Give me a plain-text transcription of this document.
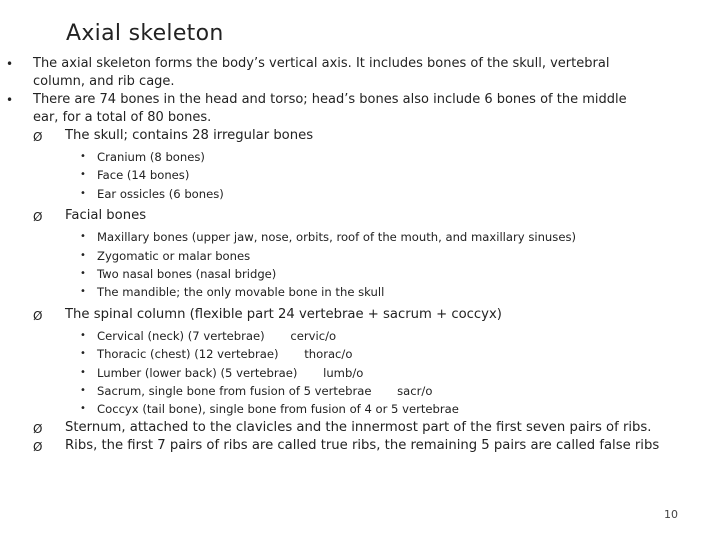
Axial skeleton
• The axial skeleton forms the body’s vertical axis. It includes bones of the skull, vertebral column, and rib cage.
• There are 74 bones in the head and torso; head’s bones also include 6 bones of the middle ear, for a total of 80 bones.
Ø The skull; contains 28 irregular bones
• Cranium (8 bones)
• Face (14 bones)
• Ear ossicles (6 bones)
Ø Facial bones
• Maxillary bones (upper jaw, nose, orbits, roof of the mouth, and maxillary sinuses)
• Zygomatic or malar bones
• Two nasal bones (nasal bridge)
• The mandible; the only movable bone in the skull
Ø The spinal column (flexible part 24 vertebrae + sacrum + coccyx)
• Cervical (neck) (7 vertebrae) cervic/o
• Thoracic (chest) (12 vertebrae) thorac/o
• Lumber (lower back) (5 vertebrae) lumb/o
• Sacrum, single bone from fusion of 5 vertebrae sacr/o
• Coccyx (tail bone), single bone from fusion of 4 or 5 vertebrae
Ø Sternum, attached to the clavicles and the innermost part of the first seven pairs of ribs.
Ø Ribs, the first 7 pairs of ribs are called true ribs, the remaining 5 pairs are called false ribs
10
